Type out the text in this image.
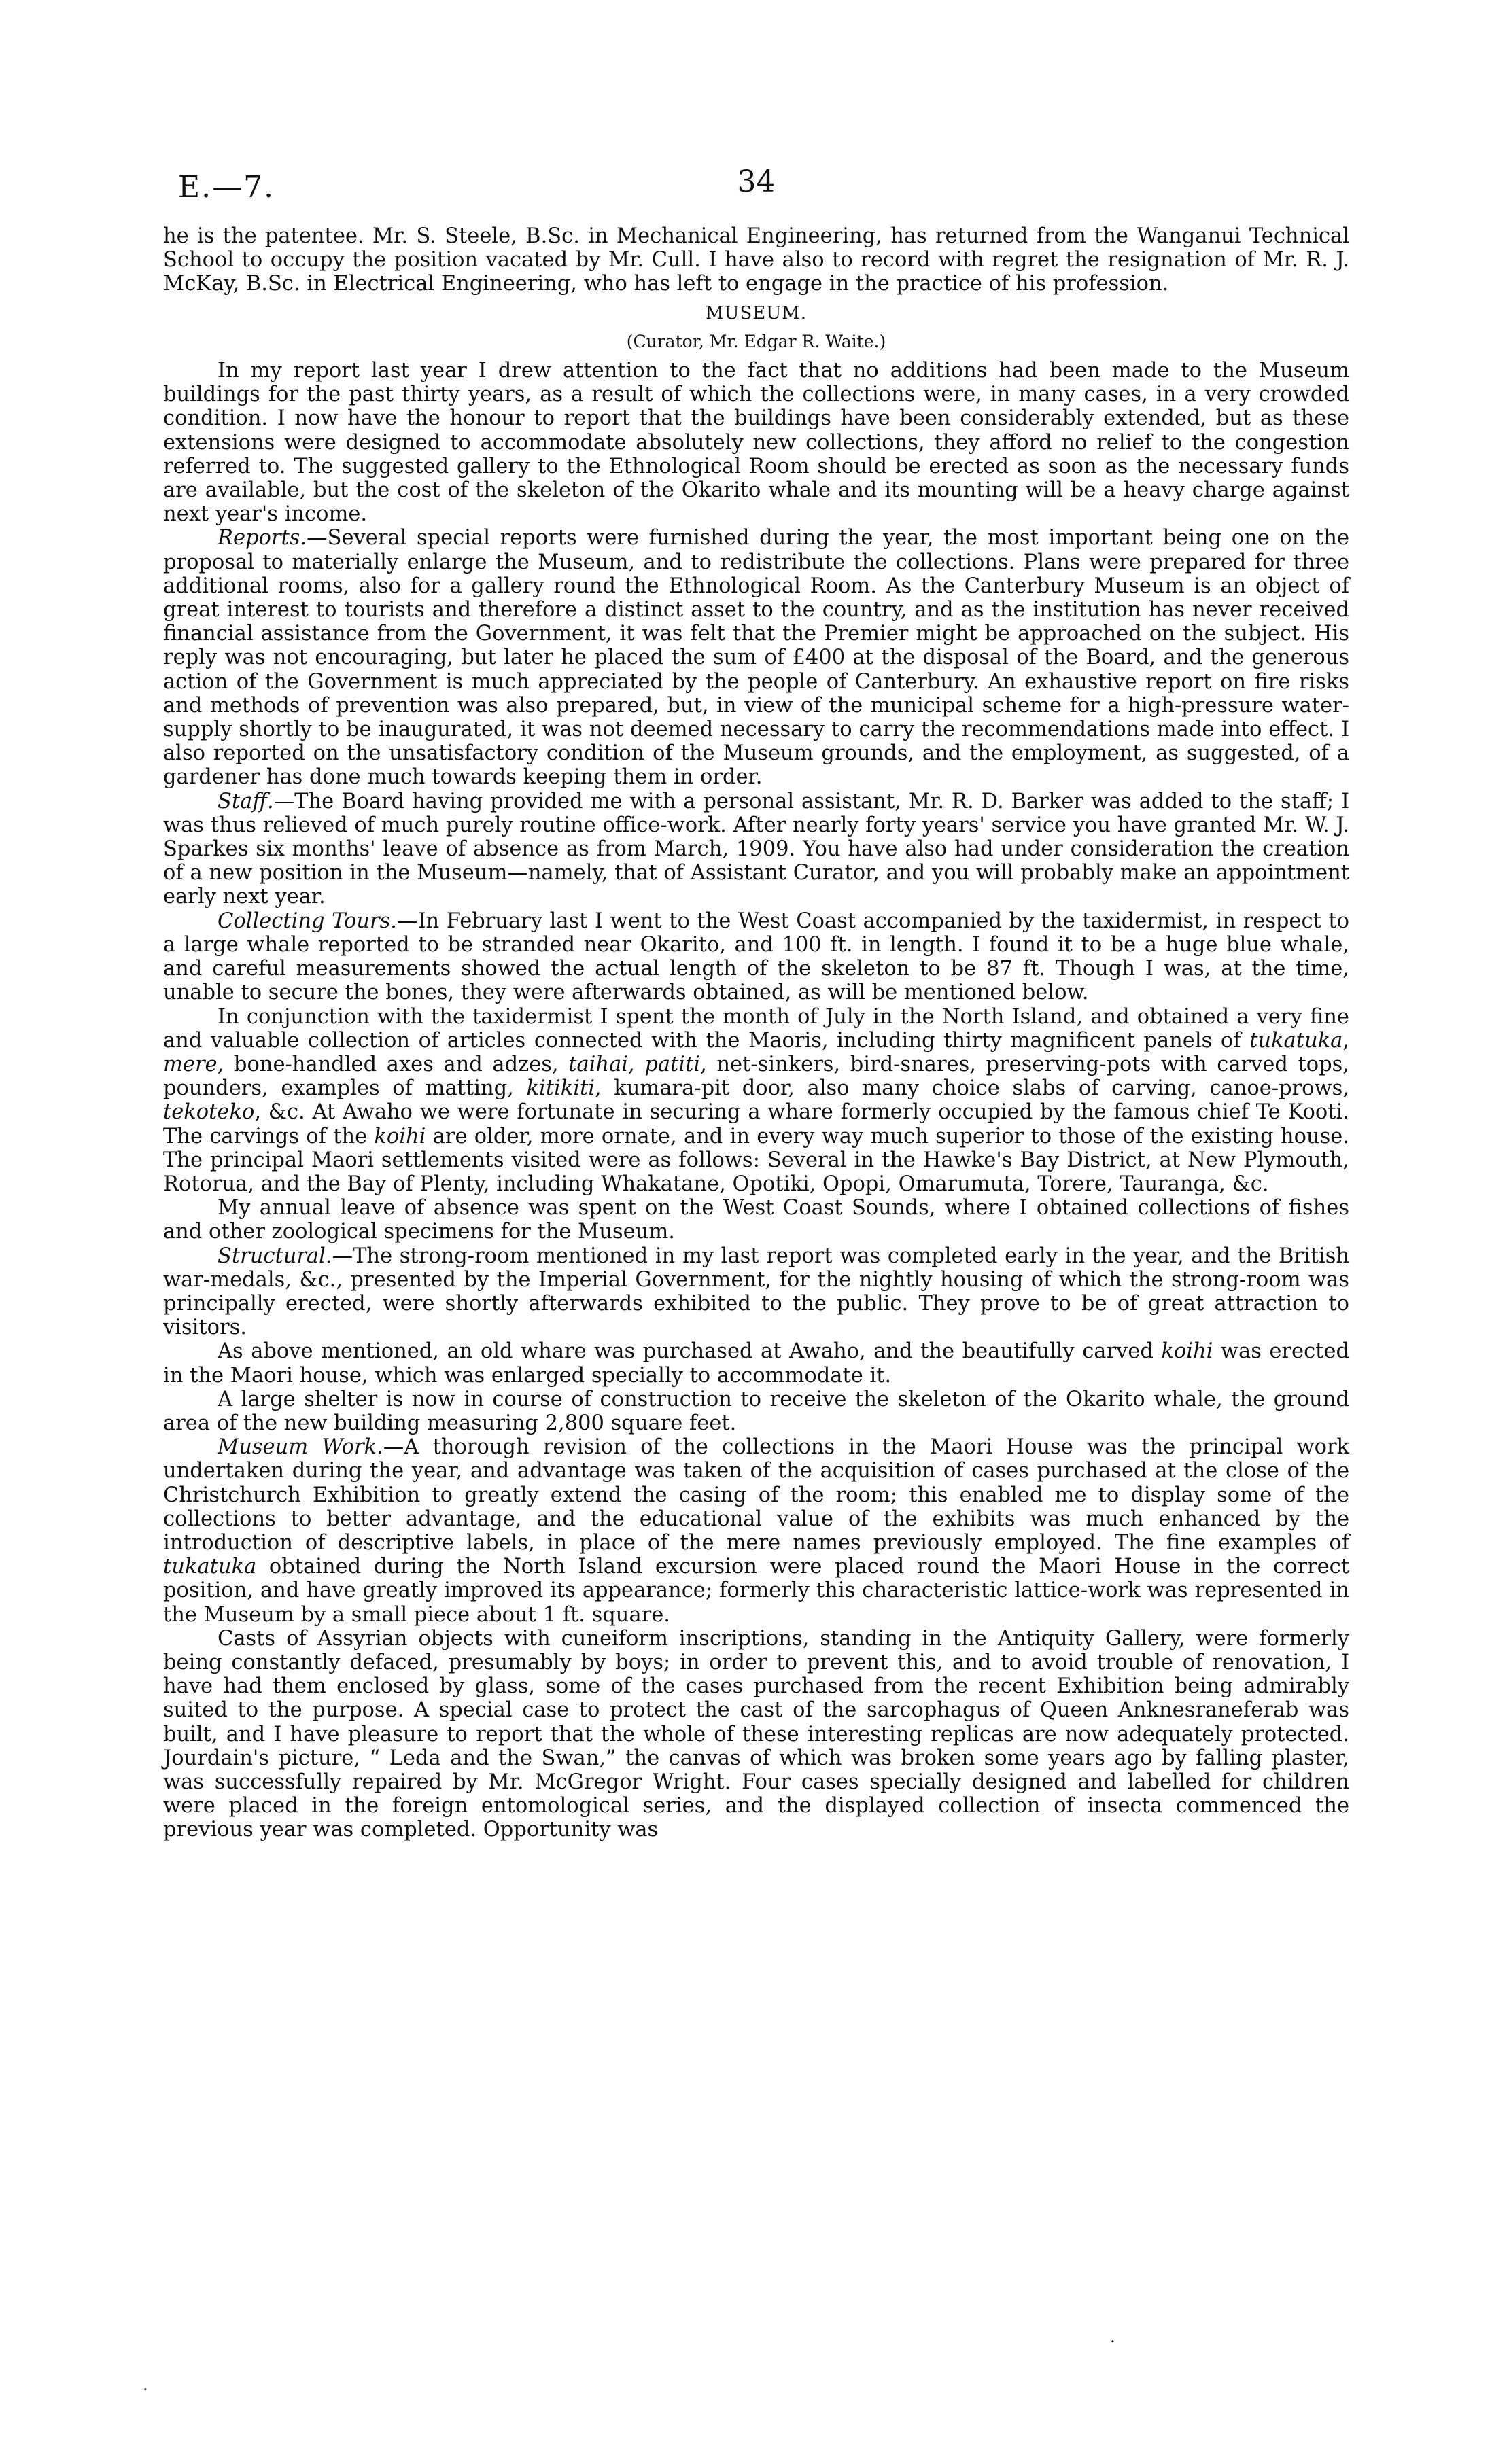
E.—7.	34

he is the patentee. Mr. S. Steele, B.Sc. in Mechanical Engineering, has returned from the Wanganui Technical School to occupy the position vacated by Mr. Cull. I have also to record with regret the resignation of Mr. R. J. McKay, B.Sc. in Electrical Engineering, who has left to engage in the practice of his profession.

MUSEUM.
(Curator, Mr. Edgar R. Waite.)

In my report last year I drew attention to the fact that no additions had been made to the Museum buildings for the past thirty years, as a result of which the collections were, in many cases, in a very crowded condition. I now have the honour to report that the buildings have been considerably extended, but as these extensions were designed to accommodate absolutely new collections, they afford no relief to the congestion referred to. The suggested gallery to the Ethnological Room should be erected as soon as the necessary funds are available, but the cost of the skeleton of the Okarito whale and its mounting will be a heavy charge against next year's income.

Reports.—Several special reports were furnished during the year, the most important being one on the proposal to materially enlarge the Museum, and to redistribute the collections. Plans were prepared for three additional rooms, also for a gallery round the Ethnological Room. As the Canterbury Museum is an object of great interest to tourists and therefore a distinct asset to the country, and as the institution has never received financial assistance from the Government, it was felt that the Premier might be approached on the subject. His reply was not encouraging, but later he placed the sum of £400 at the disposal of the Board, and the generous action of the Government is much appreciated by the people of Canterbury. An exhaustive report on fire risks and methods of prevention was also prepared, but, in view of the municipal scheme for a high-pressure water-supply shortly to be inaugurated, it was not deemed necessary to carry the recommendations made into effect. I also reported on the unsatisfactory condition of the Museum grounds, and the employment, as suggested, of a gardener has done much towards keeping them in order.

Staff.—The Board having provided me with a personal assistant, Mr. R. D. Barker was added to the staff; I was thus relieved of much purely routine office-work. After nearly forty years' service you have granted Mr. W. J. Sparkes six months' leave of absence as from March, 1909. You have also had under consideration the creation of a new position in the Museum—namely, that of Assistant Curator, and you will probably make an appointment early next year.

Collecting Tours.—In February last I went to the West Coast accompanied by the taxidermist, in respect to a large whale reported to be stranded near Okarito, and 100 ft. in length. I found it to be a huge blue whale, and careful measurements showed the actual length of the skeleton to be 87 ft. Though I was, at the time, unable to secure the bones, they were afterwards obtained, as will be mentioned below.

In conjunction with the taxidermist I spent the month of July in the North Island, and obtained a very fine and valuable collection of articles connected with the Maoris, including thirty magnificent panels of tukatuka, mere, bone-handled axes and adzes, taihai, patiti, net-sinkers, bird-snares, preserving-pots with carved tops, pounders, examples of matting, kitikiti, kumara-pit door, also many choice slabs of carving, canoe-prows, tekoteko, &c. At Awaho we were fortunate in securing a whare formerly occupied by the famous chief Te Kooti. The carvings of the koihi are older, more ornate, and in every way much superior to those of the existing house. The principal Maori settlements visited were as follows: Several in the Hawke's Bay District, at New Plymouth, Rotorua, and the Bay of Plenty, including Whakatane, Opotiki, Opopi, Omarumuta, Torere, Tauranga, &c.

My annual leave of absence was spent on the West Coast Sounds, where I obtained collections of fishes and other zoological specimens for the Museum.

Structural.—The strong-room mentioned in my last report was completed early in the year, and the British war-medals, &c., presented by the Imperial Government, for the nightly housing of which the strong-room was principally erected, were shortly afterwards exhibited to the public. They prove to be of great attraction to visitors.

As above mentioned, an old whare was purchased at Awaho, and the beautifully carved koihi was erected in the Maori house, which was enlarged specially to accommodate it.

A large shelter is now in course of construction to receive the skeleton of the Okarito whale, the ground area of the new building measuring 2,800 square feet.

Museum Work.—A thorough revision of the collections in the Maori House was the principal work undertaken during the year, and advantage was taken of the acquisition of cases purchased at the close of the Christchurch Exhibition to greatly extend the casing of the room; this enabled me to display some of the collections to better advantage, and the educational value of the exhibits was much enhanced by the introduction of descriptive labels, in place of the mere names previously employed. The fine examples of tukatuka obtained during the North Island excursion were placed round the Maori House in the correct position, and have greatly improved its appearance; formerly this characteristic lattice-work was represented in the Museum by a small piece about 1 ft. square.

Casts of Assyrian objects with cuneiform inscriptions, standing in the Antiquity Gallery, were formerly being constantly defaced, presumably by boys; in order to prevent this, and to avoid trouble of renovation, I have had them enclosed by glass, some of the cases purchased from the recent Exhibition being admirably suited to the purpose. A special case to protect the cast of the sarcophagus of Queen Anknesraneferab was built, and I have pleasure to report that the whole of these interesting replicas are now adequately protected. Jourdain's picture, “ Leda and the Swan,” the canvas of which was broken some years ago by falling plaster, was successfully repaired by Mr. McGregor Wright. Four cases specially designed and labelled for children were placed in the foreign entomological series, and the displayed collection of insecta commenced the previous year was completed. Opportunity was

.
.
